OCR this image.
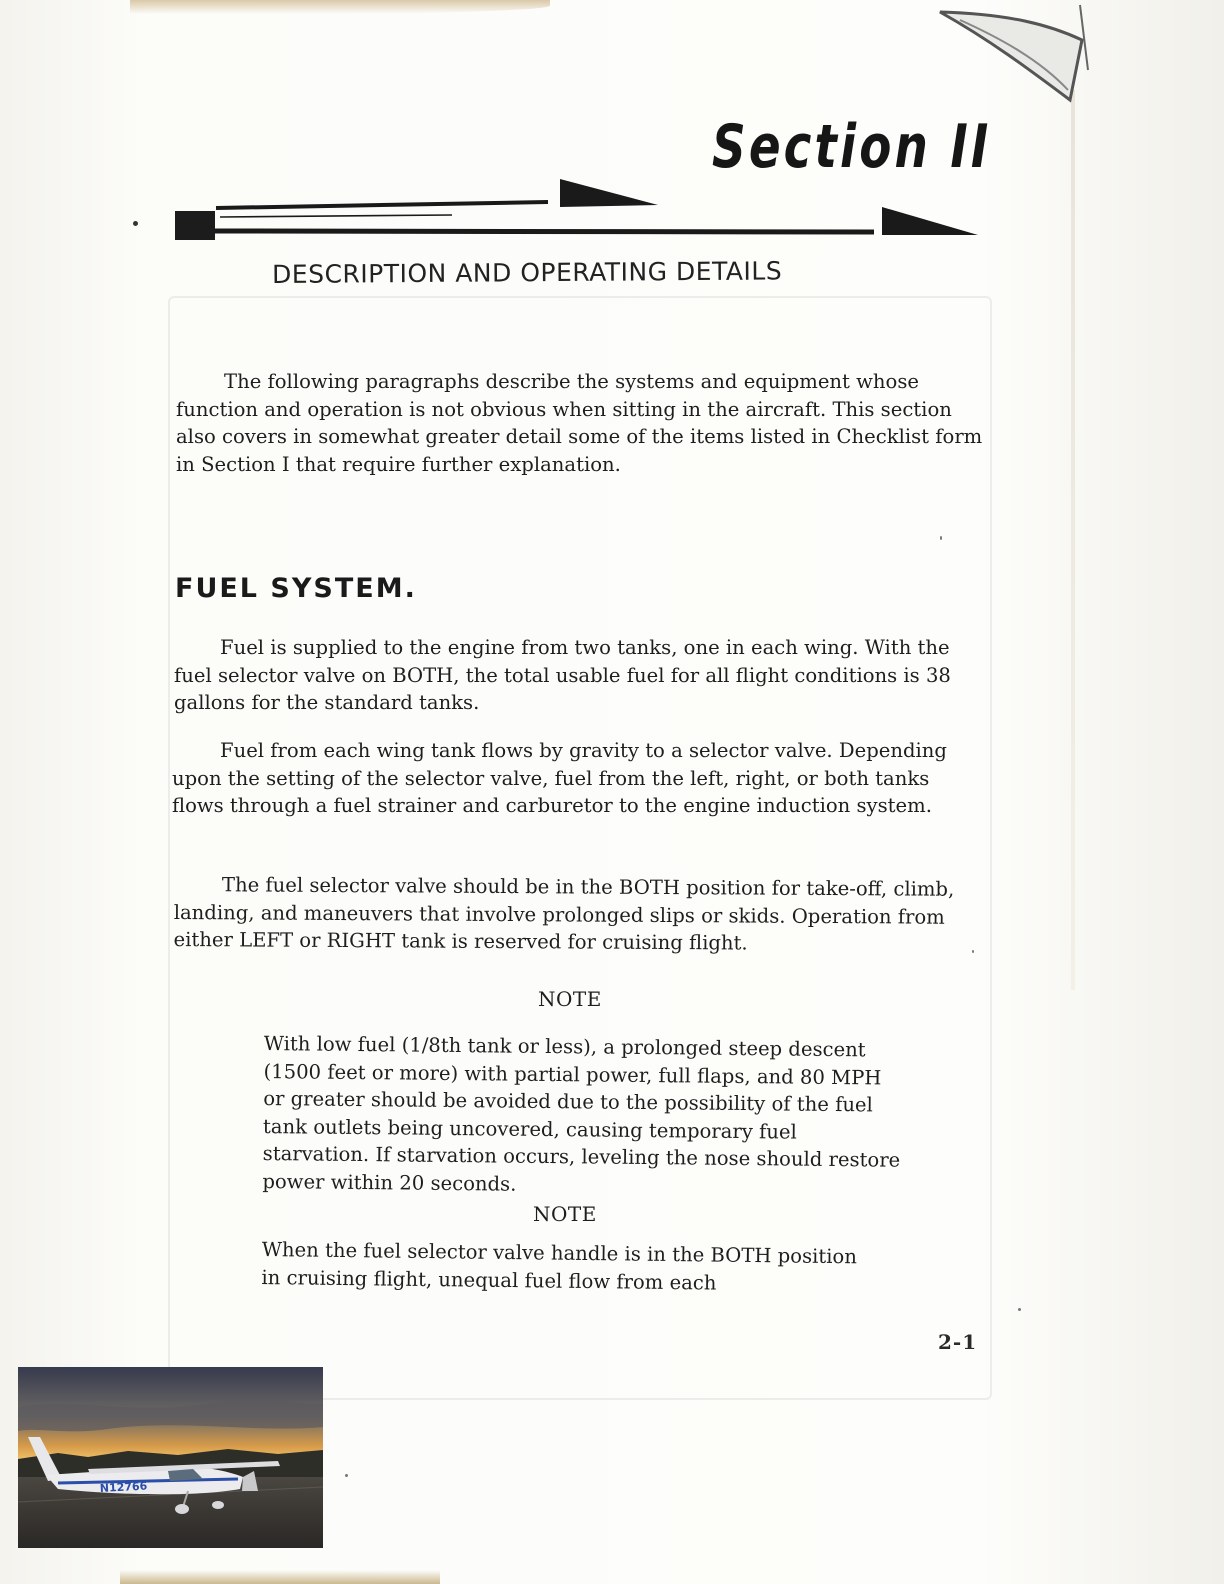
Section II
DESCRIPTION AND OPERATING DETAILS

The following paragraphs describe the systems and equipment whose function and operation is not obvious when sitting in the aircraft. This section also covers in somewhat greater detail some of the items listed in Checklist form in Section I that require further explanation.

FUEL SYSTEM.

Fuel is supplied to the engine from two tanks, one in each wing. With the fuel selector valve on BOTH, the total usable fuel for all flight conditions is 38 gallons for the standard tanks.

Fuel from each wing tank flows by gravity to a selector valve. Depending upon the setting of the selector valve, fuel from the left, right, or both tanks flows through a fuel strainer and carburetor to the engine induction system.

The fuel selector valve should be in the BOTH position for take-off, climb, landing, and maneuvers that involve prolonged slips or skids. Operation from either LEFT or RIGHT tank is reserved for cruising flight.

NOTE

With low fuel (1/8th tank or less), a prolonged steep descent (1500 feet or more) with partial power, full flaps, and 80 MPH or greater should be avoided due to the possibility of the fuel tank outlets being uncovered, causing temporary fuel starvation. If starvation occurs, leveling the nose should restore power within 20 seconds.

NOTE

When the fuel selector valve handle is in the BOTH position in cruising flight, unequal fuel flow from each

2-1

N12766
